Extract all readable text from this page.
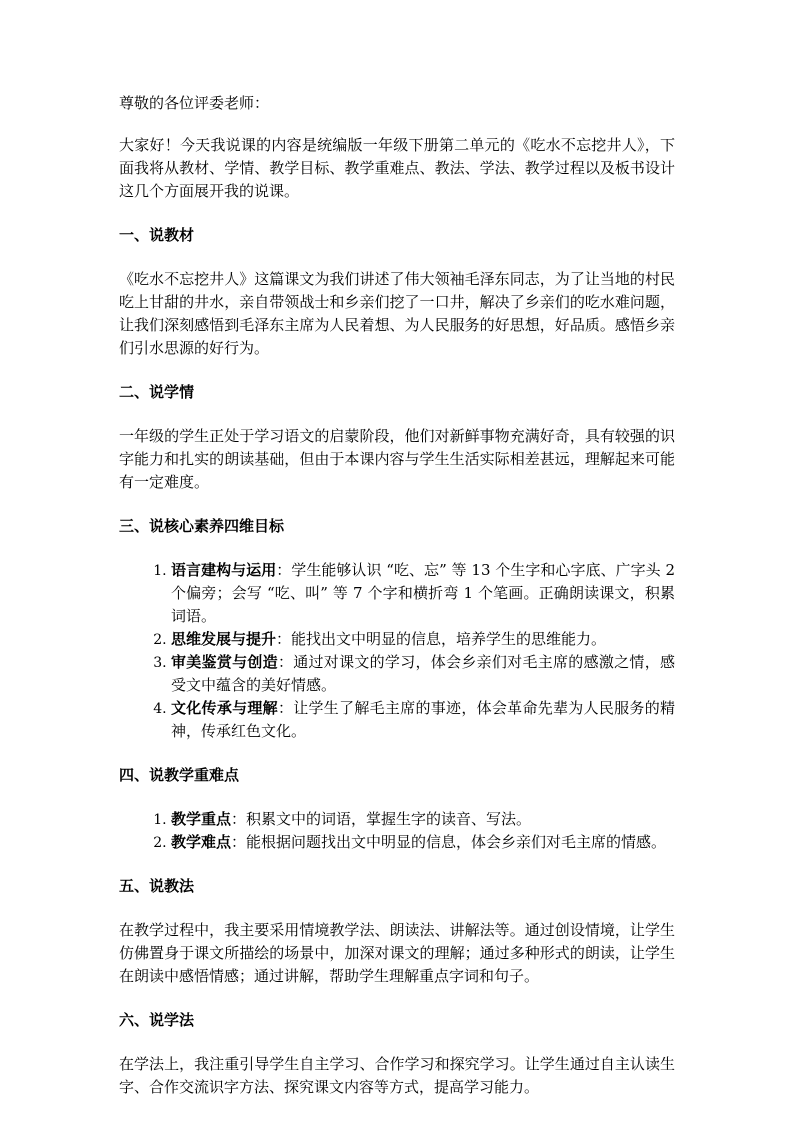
尊敬的各位评委老师：

大家好！今天我说课的内容是统编版一年级下册第二单元的《吃水不忘挖井人》，下面我将从教材、学情、教学目标、教学重难点、教法、学法、教学过程以及板书设计这几个方面展开我的说课。

一、说教材

《吃水不忘挖井人》这篇课文为我们讲述了伟大领袖毛泽东同志，为了让当地的村民吃上甘甜的井水，亲自带领战士和乡亲们挖了一口井，解决了乡亲们的吃水难问题，让我们深刻感悟到毛泽东主席为人民着想、为人民服务的好思想，好品质。感悟乡亲们引水思源的好行为。

二、说学情

一年级的学生正处于学习语文的启蒙阶段，他们对新鲜事物充满好奇，具有较强的识字能力和扎实的朗读基础，但由于本课内容与学生生活实际相差甚远，理解起来可能有一定难度。

三、说核心素养四维目标
1. 语言建构与运用：学生能够认识 “吃、忘” 等 13 个生字和心字底、广字头 2 个偏旁；会写 “吃、叫” 等 7 个字和横折弯 1 个笔画。正确朗读课文，积累词语。
2. 思维发展与提升：能找出文中明显的信息，培养学生的思维能力。
3. 审美鉴赏与创造：通过对课文的学习，体会乡亲们对毛主席的感激之情，感受文中蕴含的美好情感。
4. 文化传承与理解：让学生了解毛主席的事迹，体会革命先辈为人民服务的精神，传承红色文化。
四、说教学重难点
1. 教学重点：积累文中的词语，掌握生字的读音、写法。
2. 教学难点：能根据问题找出文中明显的信息，体会乡亲们对毛主席的情感。
五、说教法

在教学过程中，我主要采用情境教学法、朗读法、讲解法等。通过创设情境，让学生仿佛置身于课文所描绘的场景中，加深对课文的理解；通过多种形式的朗读，让学生在朗读中感悟情感；通过讲解，帮助学生理解重点字词和句子。

六、说学法

在学法上，我注重引导学生自主学习、合作学习和探究学习。让学生通过自主认读生字、合作交流识字方法、探究课文内容等方式，提高学习能力。
